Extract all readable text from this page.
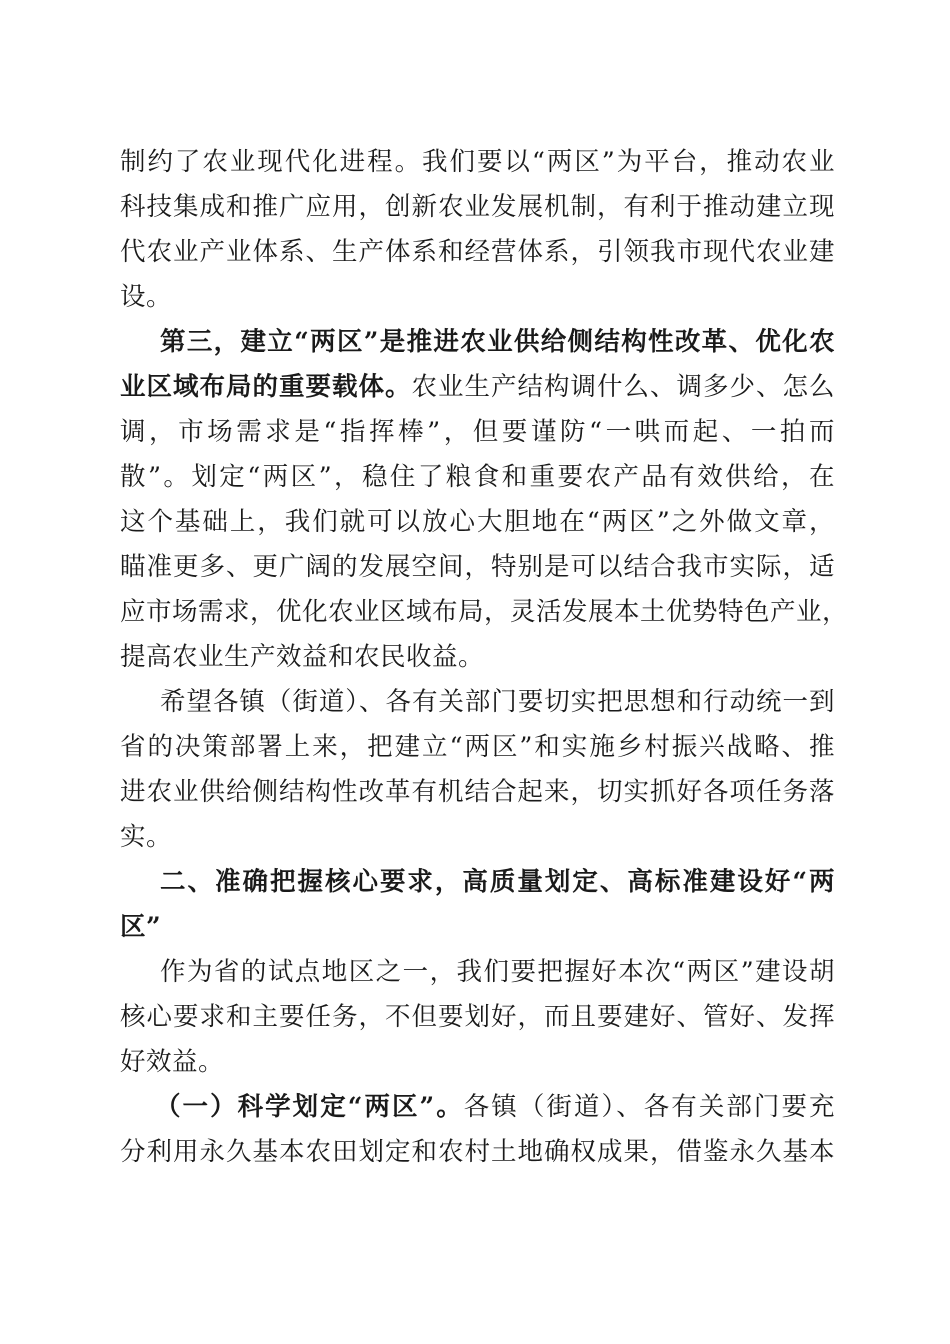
制约了农业现代化进程。我们要以“两区”为平台，推动农业
科技集成和推广应用，创新农业发展机制，有利于推动建立现
代农业产业体系、生产体系和经营体系，引领我市现代农业建
设。
第三，建立“两区”是推进农业供给侧结构性改革、优化农
业区域布局的重要载体。农业生产结构调什么、调多少、怎么
调，市场需求是“指挥棒”，但要谨防“一哄而起、一拍而
散”。划定“两区”，稳住了粮食和重要农产品有效供给，在
这个基础上，我们就可以放心大胆地在“两区”之外做文章，
瞄准更多、更广阔的发展空间，特别是可以结合我市实际，适
应市场需求，优化农业区域布局，灵活发展本土优势特色产业，
提高农业生产效益和农民收益。
希望各镇（街道）、各有关部门要切实把思想和行动统一到
省的决策部署上来，把建立“两区”和实施乡村振兴战略、推
进农业供给侧结构性改革有机结合起来，切实抓好各项任务落
实。
二、准确把握核心要求，高质量划定、高标准建设好“两
区”
作为省的试点地区之一，我们要把握好本次“两区”建设胡
核心要求和主要任务，不但要划好，而且要建好、管好、发挥
好效益。
（一）科学划定“两区”。各镇（街道）、各有关部门要充
分利用永久基本农田划定和农村土地确权成果，借鉴永久基本
